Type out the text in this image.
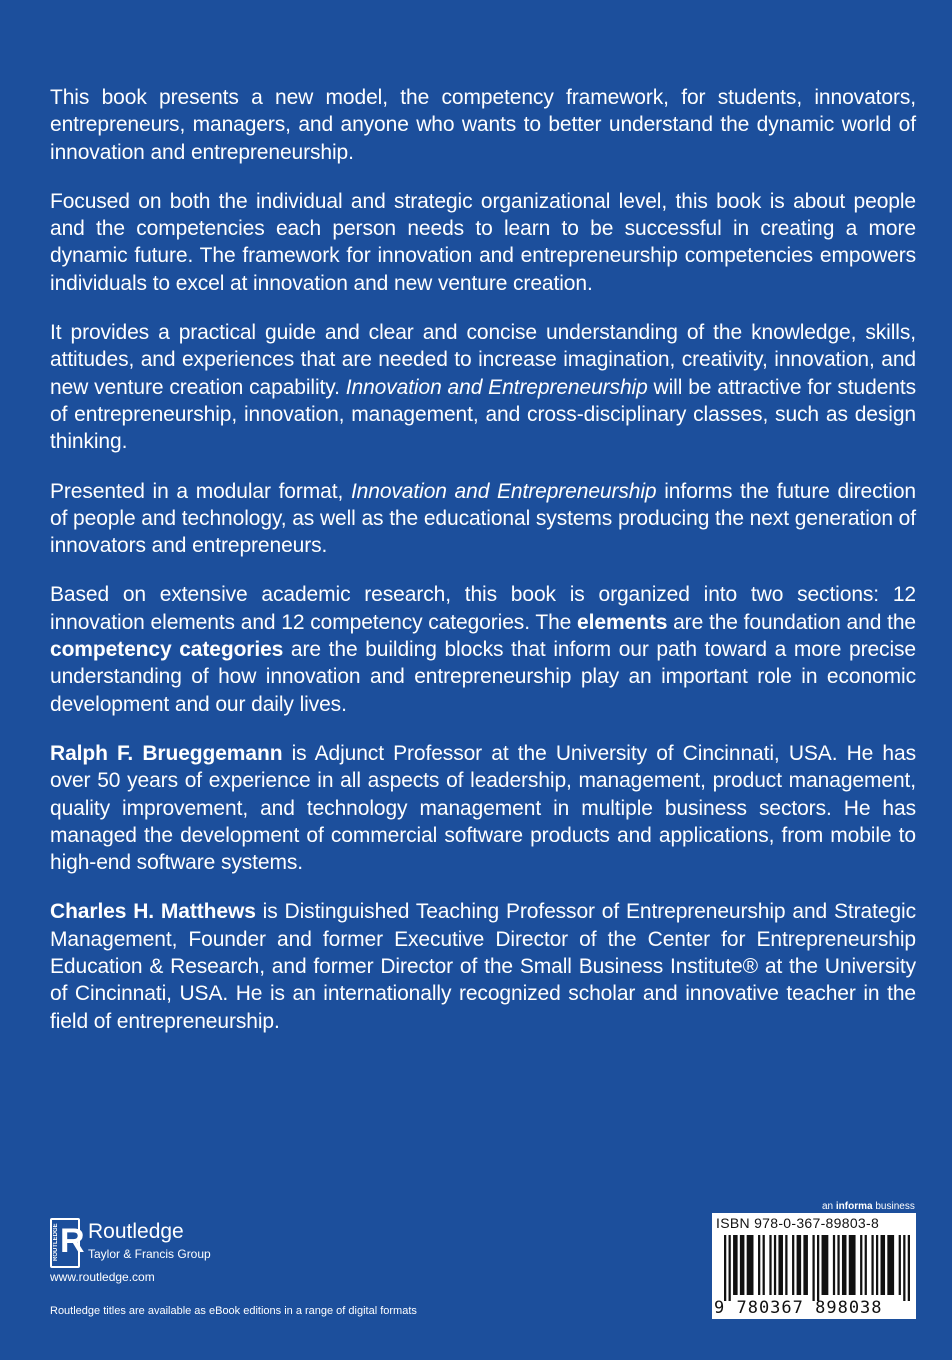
This book presents a new model, the competency framework, for students, innovators, entrepreneurs, managers, and anyone who wants to better understand the dynamic world of innovation and entrepreneurship.

Focused on both the individual and strategic organizational level, this book is about people and the competencies each person needs to learn to be successful in creating a more dynamic future. The framework for innovation and entrepreneurship competencies empowers individuals to excel at innovation and new venture creation.

It provides a practical guide and clear and concise understanding of the knowledge, skills, attitudes, and experiences that are needed to increase imagination, creativity, innovation, and new venture creation capability. Innovation and Entrepreneurship will be attractive for students of entrepreneurship, innovation, management, and cross-disciplinary classes, such as design thinking.

Presented in a modular format, Innovation and Entrepreneurship informs the future direction of people and technology, as well as the educational systems producing the next generation of innovators and entrepreneurs.

Based on extensive academic research, this book is organized into two sections: 12 innovation elements and 12 competency categories. The elements are the foundation and the competency categories are the building blocks that inform our path toward a more precise understanding of how innovation and entrepreneurship play an important role in economic development and our daily lives.

Ralph F. Brueggemann is Adjunct Professor at the University of Cincinnati, USA. He has over 50 years of experience in all aspects of leadership, management, product management, quality improvement, and technology management in multiple business sectors. He has managed the development of commercial software products and applications, from mobile to high-end software systems.

Charles H. Matthews is Distinguished Teaching Professor of Entrepreneurship and Strategic Management, Founder and former Executive Director of the Center for Entrepreneurship Education & Research, and former Director of the Small Business Institute® at the University of Cincinnati, USA. He is an internationally recognized scholar and innovative teacher in the field of entrepreneurship.

ROUTLEDGE R Routledge
Taylor & Francis Group
www.routledge.com
Routledge titles are available as eBook editions in a range of digital formats
an informa business
ISBN 978-0-367-89803-8
9 780367 898038
